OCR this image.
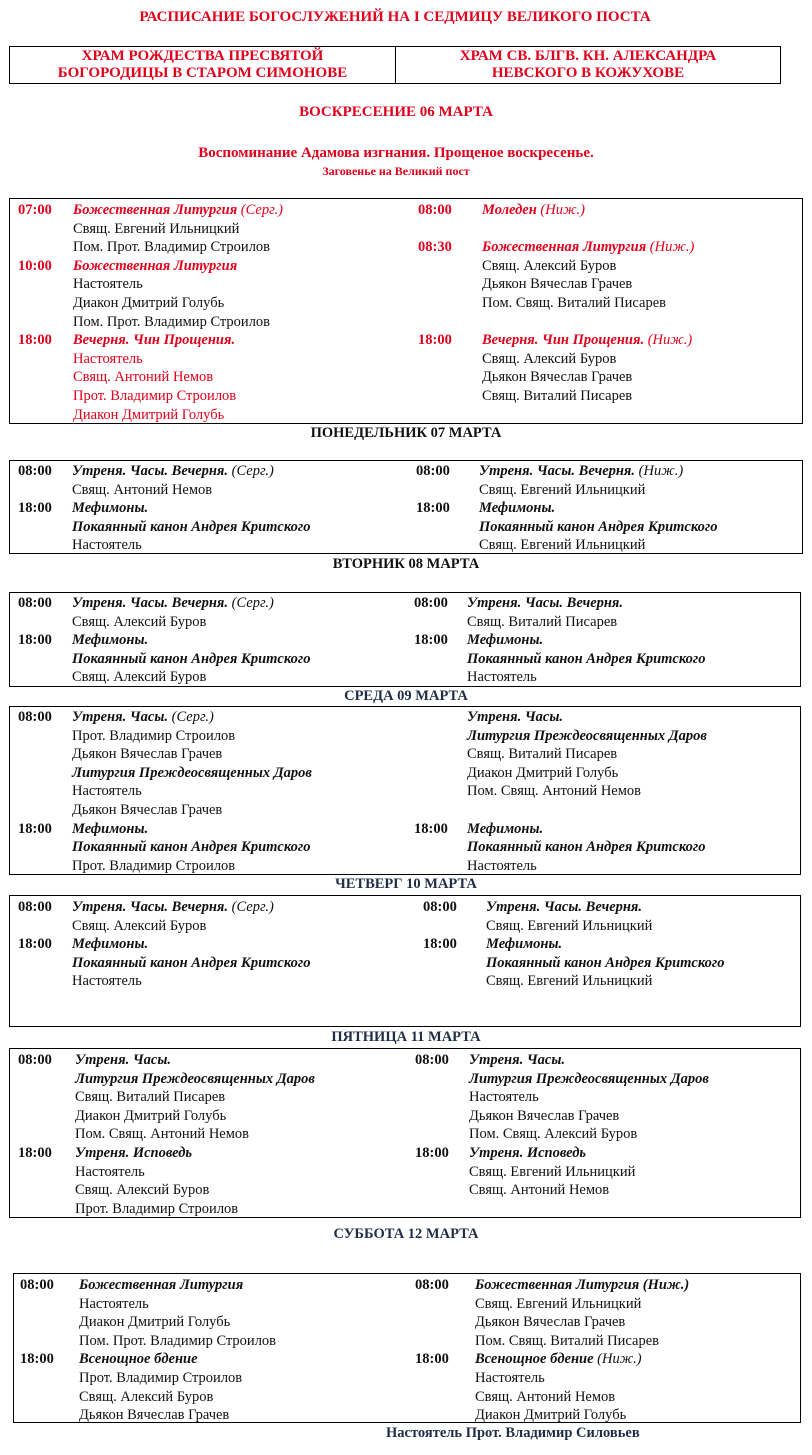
РАСПИСАНИЕ БОГОСЛУЖЕНИЙ НА I СЕДМИЦУ ВЕЛИКОГО ПОСТА
ХРАМ РОЖДЕСТВА ПРЕСВЯТОЙ
БОГОРОДИЦЫ В СТАРОМ СИМОНОВЕ
ХРАМ СВ. БЛГВ. КН. АЛЕКСАНДРА
НЕВСКОГО В КОЖУХОВЕ
ВОСКРЕСЕНИЕ 06 МАРТА
Воспоминание Адамова изгнания. Прощеное воскресенье.
Заговенье на Великий пост
ПОНЕДЕЛЬНИК 07 МАРТА
ВТОРНИК 08 МАРТА
СРЕДА 09 МАРТА
ЧЕТВЕРГ 10 МАРТА
ПЯТНИЦА 11 МАРТА
СУББОТА 12 МАРТА
Настоятель Прот. Владимир Силовьев
07:00 Божественная Литургия (Серг.)
Свящ. Евгений Ильницкий
Пом. Прот. Владимир Строилов
10:00 Божественная Литургия
Настоятель
Диакон Дмитрий Голубь
Пом. Прот. Владимир Строилов
18:00 Вечерня. Чин Прощения.
Настоятель
Свящ. Антоний Немов
Прот. Владимир Строилов
Диакон Дмитрий Голубь
08:00 Моледен (Ниж.)
08:30 Божественная Литургия (Ниж.)
Свящ. Алексий Буров
Дьякон Вячеслав Грачев
Пом. Свящ. Виталий Писарев
18:00 Вечерня. Чин Прощения. (Ниж.)
Свящ. Алексий Буров
Дьякон Вячеслав Грачев
Свящ. Виталий Писарев
08:00 Утреня. Часы. Вечерня. (Серг.)
Свящ. Антоний Немов
18:00 Мефимоны.
Покаянный канон Андрея Критского
Настоятель
08:00 Утреня. Часы. Вечерня. (Ниж.)
Свящ. Евгений Ильницкий
18:00 Мефимоны.
Покаянный канон Андрея Критского
Свящ. Евгений Ильницкий
08:00 Утреня. Часы. Вечерня. (Серг.)
Свящ. Алексий Буров
18:00 Мефимоны.
Покаянный канон Андрея Критского
Свящ. Алексий Буров
08:00 Утреня. Часы. Вечерня.
Свящ. Виталий Писарев
18:00 Мефимоны.
Покаянный канон Андрея Критского
Настоятель
08:00 Утреня. Часы. (Серг.)
Прот. Владимир Строилов
Дьякон Вячеслав Грачев
Литургия Преждеосвященных Даров
Настоятель
Дьякон Вячеслав Грачев
18:00 Мефимоны.
Покаянный канон Андрея Критского
Прот. Владимир Строилов
Утреня. Часы.
Литургия Преждеосвященных Даров
Свящ. Виталий Писарев
Диакон Дмитрий Голубь
Пом. Свящ. Антоний Немов
18:00 Мефимоны.
Покаянный канон Андрея Критского
Настоятель
08:00 Утреня. Часы. Вечерня. (Серг.)
Свящ. Алексий Буров
18:00 Мефимоны.
Покаянный канон Андрея Критского
Настоятель
08:00 Утреня. Часы. Вечерня.
Свящ. Евгений Ильницкий
18:00 Мефимоны.
Покаянный канон Андрея Критского
Свящ. Евгений Ильницкий
08:00 Утреня. Часы.
Литургия Преждеосвященных Даров
Свящ. Виталий Писарев
Диакон Дмитрий Голубь
Пом. Свящ. Антоний Немов
18:00 Утреня. Исповедь
Настоятель
Свящ. Алексий Буров
Прот. Владимир Строилов
08:00 Утреня. Часы.
Литургия Преждеосвященных Даров
Настоятель
Дьякон Вячеслав Грачев
Пом. Свящ. Алексий Буров
18:00 Утреня. Исповедь
Свящ. Евгений Ильницкий
Свящ. Антоний Немов
08:00 Божественная Литургия
Настоятель
Диакон Дмитрий Голубь
Пом. Прот. Владимир Строилов
18:00 Всенощное бдение
Прот. Владимир Строилов
Свящ. Алексий Буров
Дьякон Вячеслав Грачев
08:00 Божественная Литургия (Ниж.)
Свящ. Евгений Ильницкий
Дьякон Вячеслав Грачев
Пом. Свящ. Виталий Писарев
18:00 Всенощное бдение (Ниж.)
Настоятель
Свящ. Антоний Немов
Диакон Дмитрий Голубь
